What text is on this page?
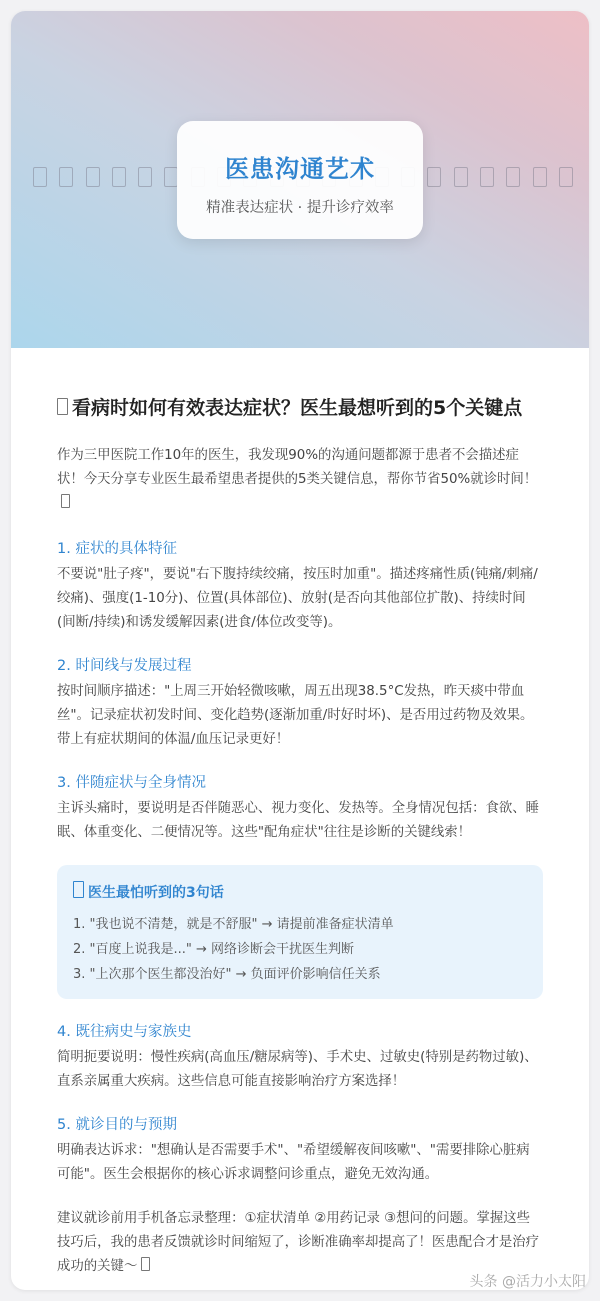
医患沟通艺术
精准表达症状 · 提升诊疗效率
看病时如何有效表达症状？医生最想听到的5个关键点

作为三甲医院工作10年的医生，我发现90%的沟通问题都源于患者不会描述症状！今天分享专业医生最希望患者提供的5类关键信息，帮你节省50%就诊时间！

1. 症状的具体特征

不要说"肚子疼"，要说"右下腹持续绞痛，按压时加重"。描述疼痛性质(钝痛/刺痛/绞痛)、强度(1-10分)、位置(具体部位)、放射(是否向其他部位扩散)、持续时间(间断/持续)和诱发缓解因素(进食/体位改变等)。

2. 时间线与发展过程

按时间顺序描述："上周三开始轻微咳嗽，周五出现38.5°C发热，昨天痰中带血丝"。记录症状初发时间、变化趋势(逐渐加重/时好时坏)、是否用过药物及效果。带上有症状期间的体温/血压记录更好！

3. 伴随症状与全身情况

主诉头痛时，要说明是否伴随恶心、视力变化、发热等。全身情况包括：食欲、睡眠、体重变化、二便情况等。这些"配角症状"往往是诊断的关键线索！

医生最怕听到的3句话
1. "我也说不清楚，就是不舒服" → 请提前准备症状清单
2. "百度上说我是..." → 网络诊断会干扰医生判断
3. "上次那个医生都没治好" → 负面评价影响信任关系
4. 既往病史与家族史

简明扼要说明：慢性疾病(高血压/糖尿病等)、手术史、过敏史(特别是药物过敏)、直系亲属重大疾病。这些信息可能直接影响治疗方案选择！

5. 就诊目的与预期

明确表达诉求："想确认是否需要手术"、"希望缓解夜间咳嗽"、"需要排除心脏病可能"。医生会根据你的核心诉求调整问诊重点，避免无效沟通。

建议就诊前用手机备忘录整理：①症状清单 ②用药记录 ③想问的问题。掌握这些技巧后，我的患者反馈就诊时间缩短了，诊断准确率却提高了！医患配合才是治疗成功的关键～

头条 @活力小太阳
